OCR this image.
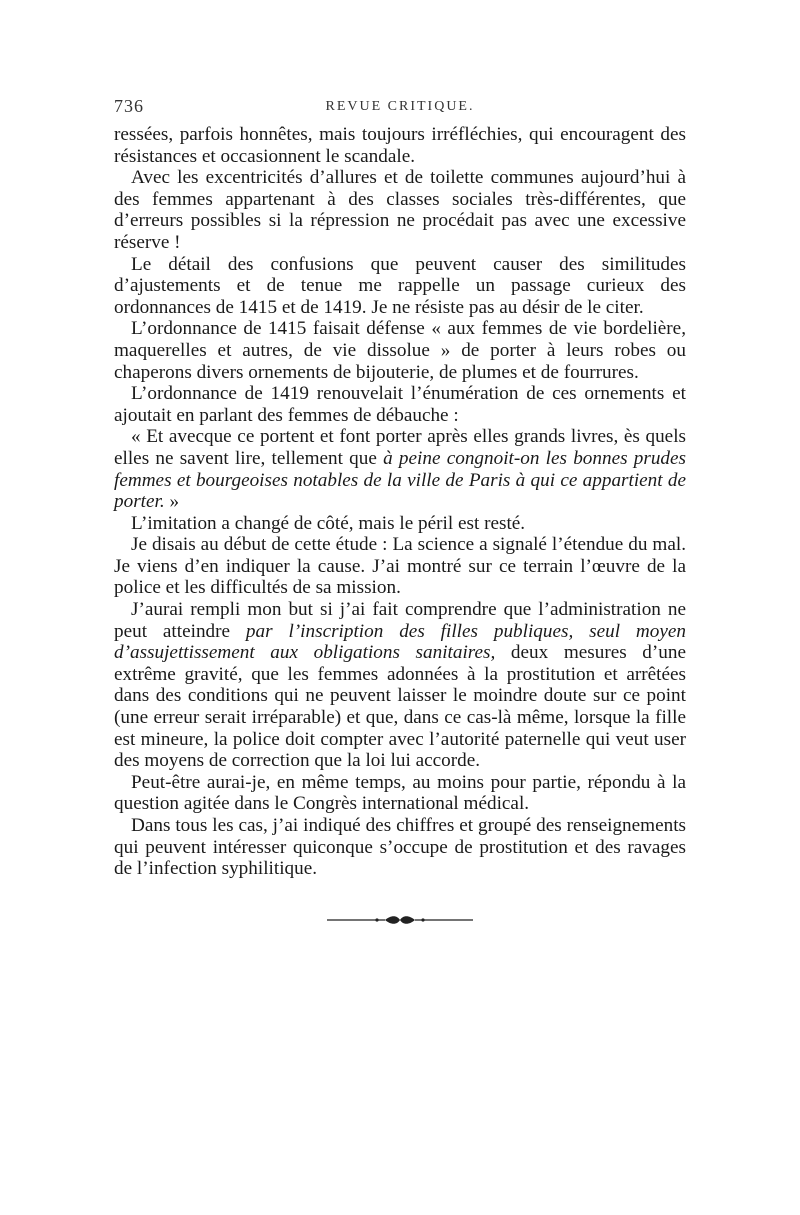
736	REVUE CRITIQUE.

ressées, parfois honnêtes, mais toujours irréfléchies, qui encouragent des résistances et occasionnent le scandale.

Avec les excentricités d’allures et de toilette communes aujourd’hui à des femmes appartenant à des classes sociales très-différentes, que d’erreurs possibles si la répression ne procédait pas avec une excessive réserve !

Le détail des confusions que peuvent causer des similitudes d’ajustements et de tenue me rappelle un passage curieux des ordonnances de 1415 et de 1419. Je ne résiste pas au désir de le citer.

L’ordonnance de 1415 faisait défense « aux femmes de vie bordelière, maquerelles et autres, de vie dissolue » de porter à leurs robes ou chaperons divers ornements de bijouterie, de plumes et de fourrures.

L’ordonnance de 1419 renouvelait l’énumération de ces ornements et ajoutait en parlant des femmes de débauche :

« Et avecque ce portent et font porter après elles grands livres, ès quels elles ne savent lire, tellement que à peine congnoit-on les bonnes prudes femmes et bourgeoises notables de la ville de Paris à qui ce appartient de porter. »

L’imitation a changé de côté, mais le péril est resté.

Je disais au début de cette étude : La science a signalé l’étendue du mal. Je viens d’en indiquer la cause. J’ai montré sur ce terrain l’œuvre de la police et les difficultés de sa mission.

J’aurai rempli mon but si j’ai fait comprendre que l’administration ne peut atteindre par l’inscription des filles publiques, seul moyen d’assujettissement aux obligations sanitaires, deux mesures d’une extrême gravité, que les femmes adonnées à la prostitution et arrêtées dans des conditions qui ne peuvent laisser le moindre doute sur ce point (une erreur serait irréparable) et que, dans ce cas-là même, lorsque la fille est mineure, la police doit compter avec l’autorité paternelle qui veut user des moyens de correction que la loi lui accorde.

Peut-être aurai-je, en même temps, au moins pour partie, répondu à la question agitée dans le Congrès international médical.

Dans tous les cas, j’ai indiqué des chiffres et groupé des renseignements qui peuvent intéresser quiconque s’occupe de prostitution et des ravages de l’infection syphilitique.
